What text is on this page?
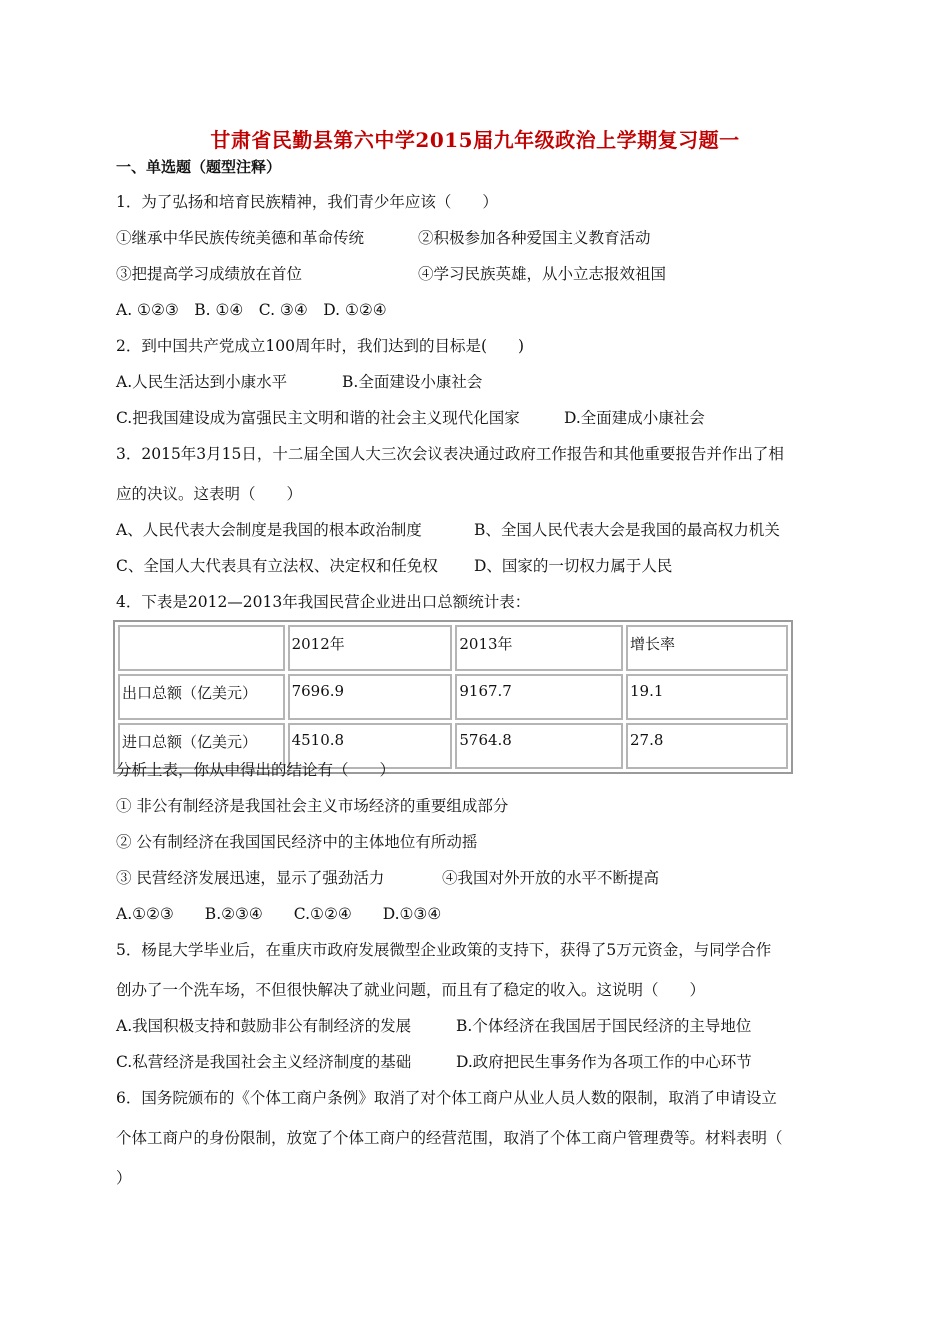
甘肃省民勤县第六中学2015届九年级政治上学期复习题一
一、单选题（题型注释）
1．为了弘扬和培育民族精神，我们青少年应该（　　）
①继承中华民族传统美德和革命传统	②积极参加各种爱国主义教育活动
③把提高学习成绩放在首位	④学习民族英雄，从小立志报效祖国
A. ①②③　B. ①④　C. ③④　D. ①②④
2．到中国共产党成立100周年时，我们达到的目标是(　　)
A.人民生活达到小康水平	B.全面建设小康社会
C.把我国建设成为富强民主文明和谐的社会主义现代化国家	D.全面建成小康社会
3．2015年3月15日，十二届全国人大三次会议表决通过政府工作报告和其他重要报告并作出了相
应的决议。这表明（　　）
A、人民代表大会制度是我国的根本政治制度	B、全国人民代表大会是我国的最高权力机关
C、全国人大代表具有立法权、决定权和任免权	D、国家的一切权力属于人民
4．下表是2012—2013年我国民营企业进出口总额统计表：
	2012年	2013年	增长率
出口总额（亿美元）	7696.9	9167.7	19.1
进口总额（亿美元）	4510.8	5764.8	27.8
分析上表，你从中得出的结论有（　　）
① 非公有制经济是我国社会主义市场经济的重要组成部分
② 公有制经济在我国国民经济中的主体地位有所动摇
③ 民营经济发展迅速，显示了强劲活力	④我国对外开放的水平不断提高
A.①②③　　B.②③④　　C.①②④　　D.①③④
5．杨昆大学毕业后，在重庆市政府发展微型企业政策的支持下，获得了5万元资金，与同学合作
创办了一个洗车场，不但很快解决了就业问题，而且有了稳定的收入。这说明（　　）
A.我国积极支持和鼓励非公有制经济的发展	B.个体经济在我国居于国民经济的主导地位
C.私营经济是我国社会主义经济制度的基础	D.政府把民生事务作为各项工作的中心环节
6．国务院颁布的《个体工商户条例》取消了对个体工商户从业人员人数的限制，取消了申请设立
个体工商户的身份限制，放宽了个体工商户的经营范围，取消了个体工商户管理费等。材料表明（
）
